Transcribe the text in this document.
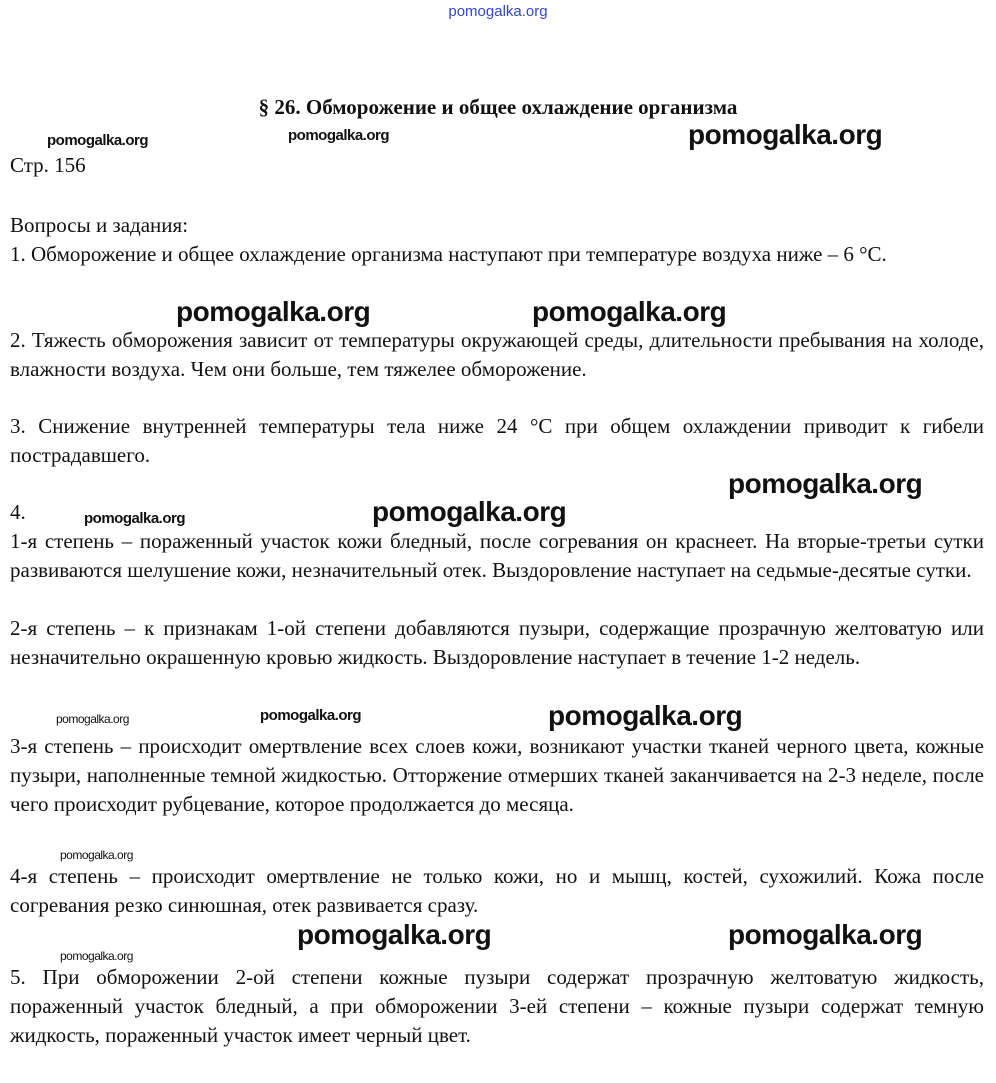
pomogalka.org
§ 26. Обморожение и общее охлаждение организма
Стр. 156
Вопросы и задания:
1. Обморожение и общее охлаждение организма наступают при температуре воздуха ниже – 6 °C.
2. Тяжесть обморожения зависит от температуры окружающей среды, длительности пребывания на холоде, влажности воздуха. Чем они больше, тем тяжелее обморожение.
3. Снижение внутренней температуры тела ниже 24 °C при общем охлаждении приводит к гибели пострадавшего.
4.
1-я степень – пораженный участок кожи бледный, после согревания он краснеет. На вторые-третьи сутки развиваются шелушение кожи, незначительный отек. Выздоровление наступает на седьмые-десятые сутки.
2-я степень – к признакам 1-ой степени добавляются пузыри, содержащие прозрачную желтоватую или незначительно окрашенную кровью жидкость. Выздоровление наступает в течение 1-2 недель.
3-я степень – происходит омертвление всех слоев кожи, возникают участки тканей черного цвета, кожные пузыри, наполненные темной жидкостью. Отторжение отмерших тканей заканчивается на 2-3 неделе, после чего происходит рубцевание, которое продолжается до месяца.
4-я степень – происходит омертвление не только кожи, но и мышц, костей, сухожилий. Кожа после согревания резко синюшная, отек развивается сразу.
5. При обморожении 2-ой степени кожные пузыри содержат прозрачную желтоватую жидкость, пораженный участок бледный, а при обморожении 3-ей степени – кожные пузыри содержат темную жидкость, пораженный участок имеет черный цвет.
pomogalka.org	pomogalka.org	pomogalka.org
pomogalka.org	pomogalka.org
pomogalka.org
pomogalka.org
pomogalka.org
pomogalka.org
pomogalka.org
pomogalka.org
pomogalka.org
pomogalka.org
pomogalka.org
pomogalka.org
